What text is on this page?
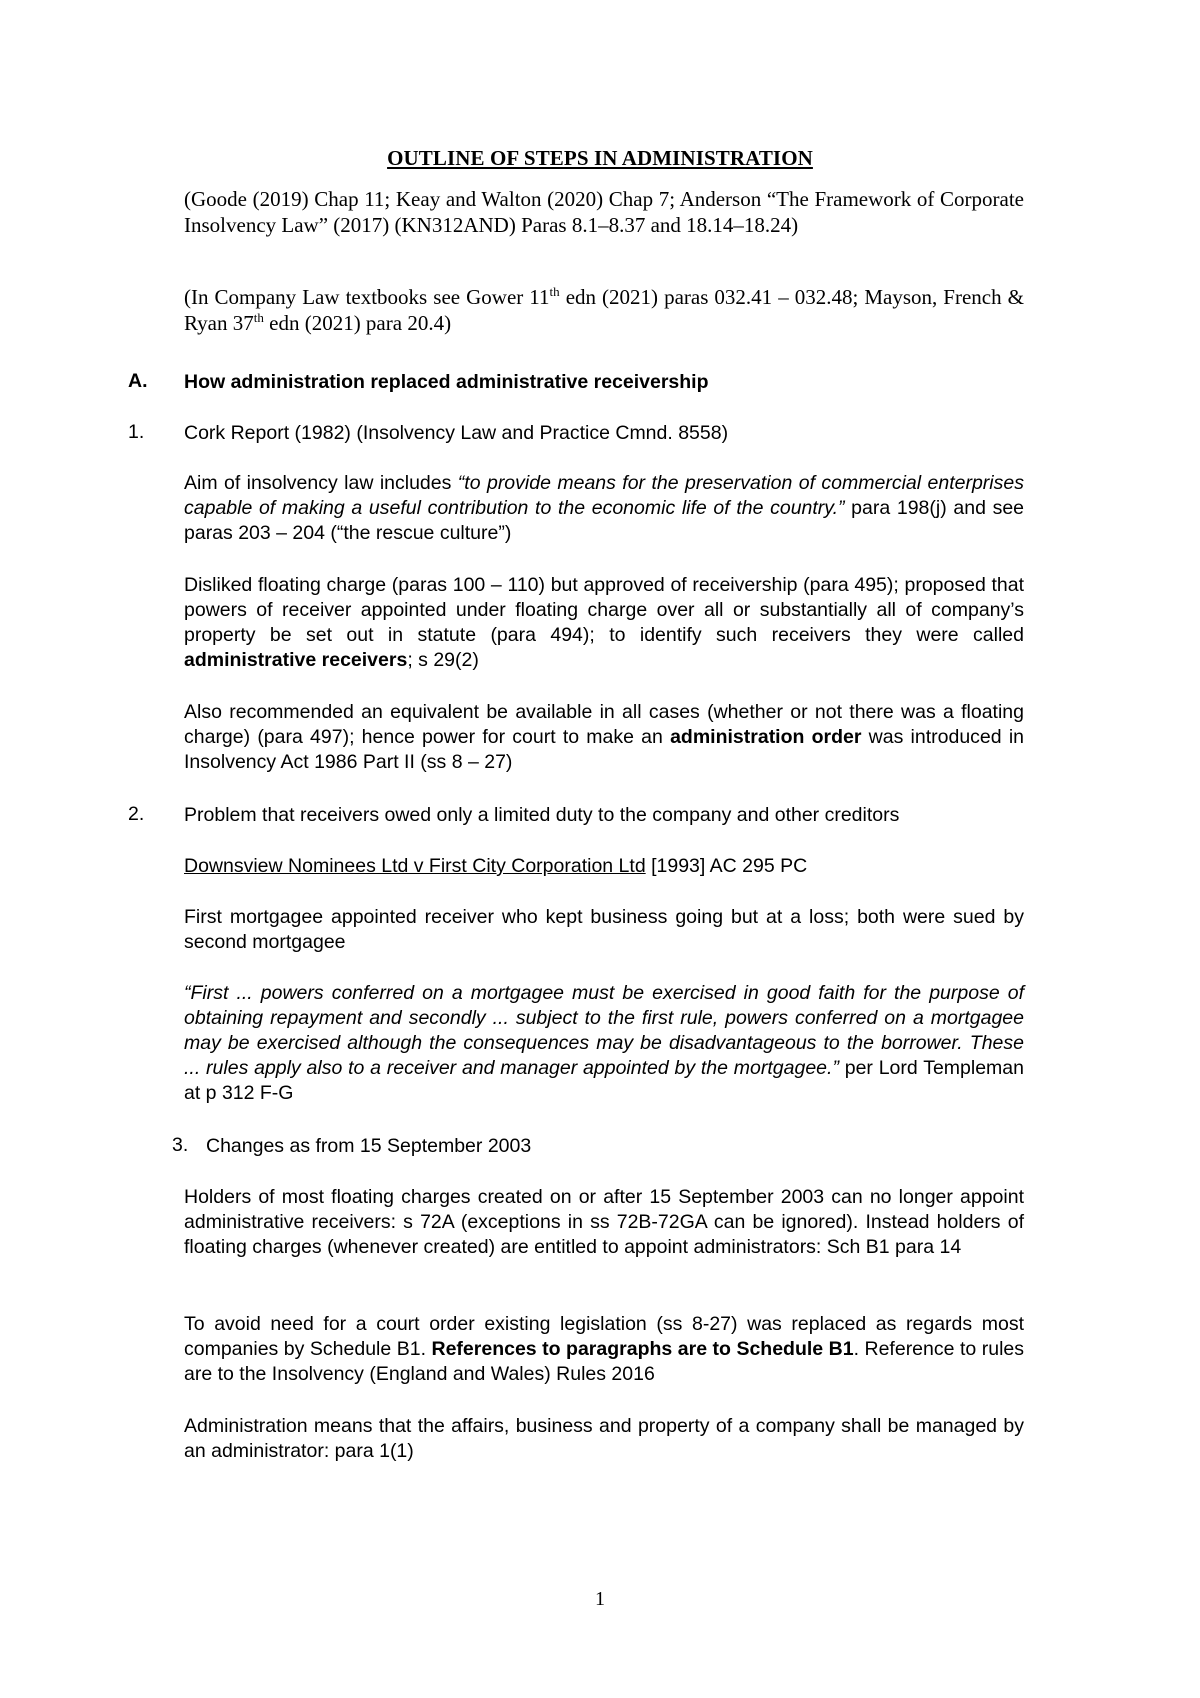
OUTLINE OF STEPS IN ADMINISTRATION

(Goode (2019) Chap 11; Keay and Walton (2020) Chap 7; Anderson “The Framework of Corporate Insolvency Law” (2017) (KN312AND) Paras 8.1–8.37 and 18.14–18.24)

(In Company Law textbooks see Gower 11th edn (2021) paras 032.41 – 032.48; Mayson, French & Ryan 37th edn (2021) para 20.4)

A. How administration replaced administrative receivership

1. Cork Report (1982) (Insolvency Law and Practice Cmnd. 8558)

Aim of insolvency law includes “to provide means for the preservation of commercial enterprises capable of making a useful contribution to the economic life of the country.” para 198(j) and see paras 203 – 204 (“the rescue culture”)

Disliked floating charge (paras 100 – 110) but approved of receivership (para 495); proposed that powers of receiver appointed under floating charge over all or substantially all of company’s property be set out in statute (para 494); to identify such receivers they were called administrative receivers; s 29(2)

Also recommended an equivalent be available in all cases (whether or not there was a floating charge) (para 497); hence power for court to make an administration order was introduced in Insolvency Act 1986 Part II (ss 8 – 27)

2. Problem that receivers owed only a limited duty to the company and other creditors

Downsview Nominees Ltd v First City Corporation Ltd [1993] AC 295 PC

First mortgagee appointed receiver who kept business going but at a loss; both were sued by second mortgagee

“First ... powers conferred on a mortgagee must be exercised in good faith for the purpose of obtaining repayment and secondly ... subject to the first rule, powers conferred on a mortgagee may be exercised although the consequences may be disadvantageous to the borrower. These ... rules apply also to a receiver and manager appointed by the mortgagee.” per Lord Templeman at p 312 F-G

3. Changes as from 15 September 2003

Holders of most floating charges created on or after 15 September 2003 can no longer appoint administrative receivers: s 72A (exceptions in ss 72B-72GA can be ignored). Instead holders of floating charges (whenever created) are entitled to appoint administrators: Sch B1 para 14

To avoid need for a court order existing legislation (ss 8-27) was replaced as regards most companies by Schedule B1. References to paragraphs are to Schedule B1. Reference to rules are to the Insolvency (England and Wales) Rules 2016

Administration means that the affairs, business and property of a company shall be managed by an administrator: para 1(1)

1
